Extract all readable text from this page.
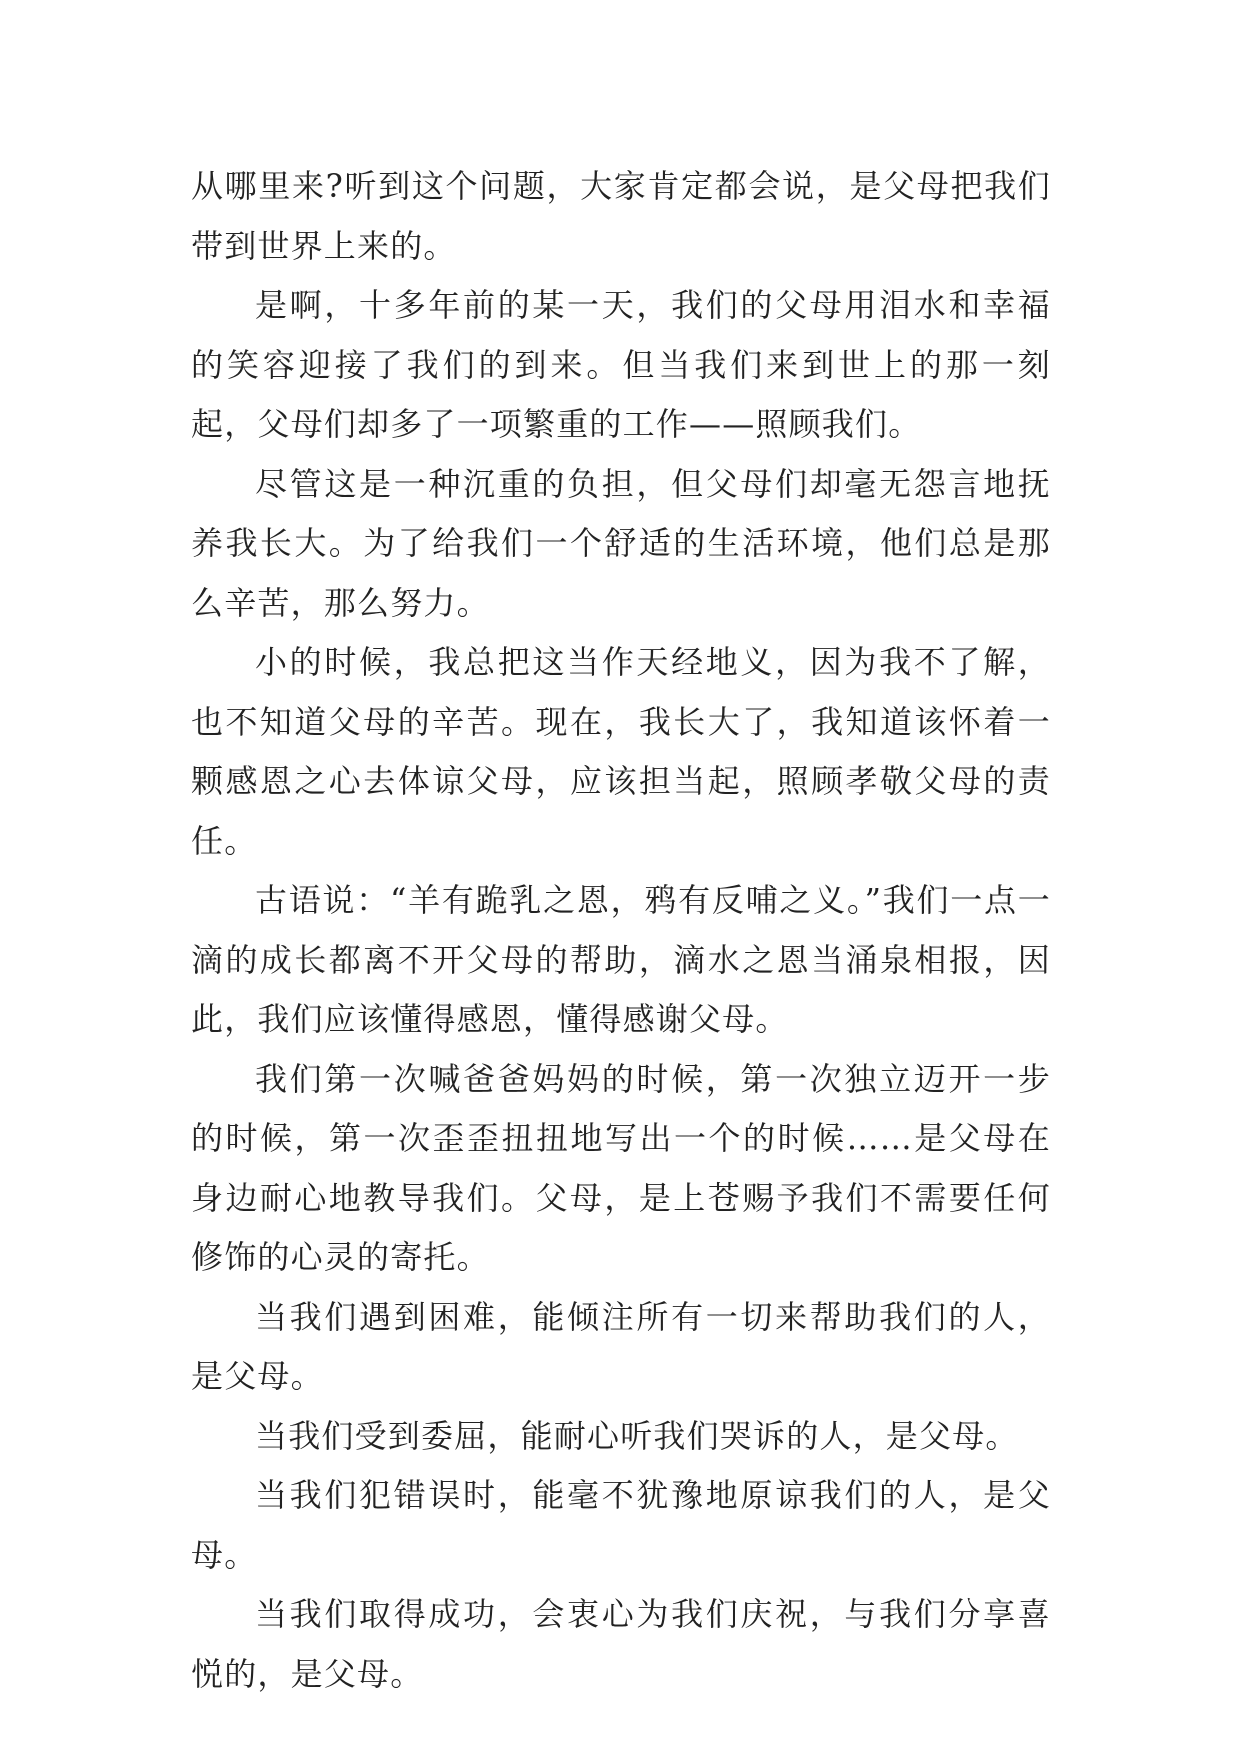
从哪里来?听到这个问题，大家肯定都会说，是父母把我们带到世界上来的。

是啊，十多年前的某一天，我们的父母用泪水和幸福的笑容迎接了我们的到来。但当我们来到世上的那一刻起，父母们却多了一项繁重的工作——照顾我们。

尽管这是一种沉重的负担，但父母们却毫无怨言地抚养我长大。为了给我们一个舒适的生活环境，他们总是那么辛苦，那么努力。

小的时候，我总把这当作天经地义，因为我不了解，也不知道父母的辛苦。现在，我长大了，我知道该怀着一颗感恩之心去体谅父母，应该担当起，照顾孝敬父母的责任。

古语说：“羊有跪乳之恩，鸦有反哺之义。”我们一点一滴的成长都离不开父母的帮助，滴水之恩当涌泉相报，因此，我们应该懂得感恩，懂得感谢父母。

我们第一次喊爸爸妈妈的时候，第一次独立迈开一步的时候，第一次歪歪扭扭地写出一个的时候……是父母在身边耐心地教导我们。父母，是上苍赐予我们不需要任何修饰的心灵的寄托。

当我们遇到困难，能倾注所有一切来帮助我们的人，是父母。

当我们受到委屈，能耐心听我们哭诉的人，是父母。

当我们犯错误时，能毫不犹豫地原谅我们的人，是父母。

当我们取得成功，会衷心为我们庆祝，与我们分享喜悦的，是父母。
